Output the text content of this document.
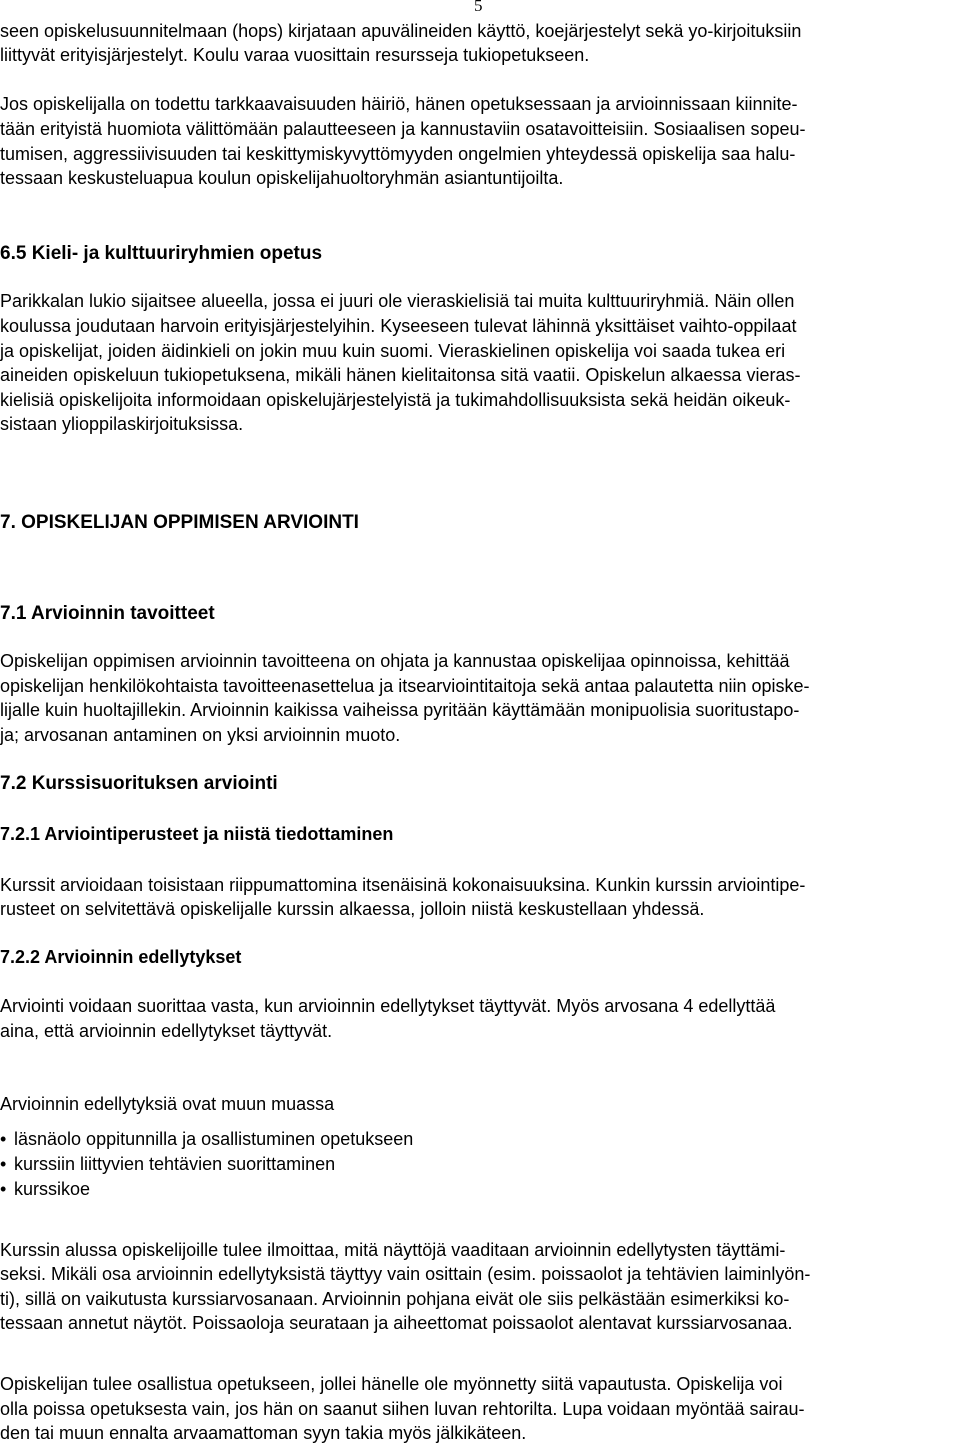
5
seen opiskelusuunnitelmaan (hops) kirjataan apuvälineiden käyttö, koejärjestelyt sekä yo-kirjoituksiin
liittyvät erityisjärjestelyt. Koulu varaa vuosittain resursseja tukiopetukseen.
Jos opiskelijalla on todettu tarkkaavaisuuden häiriö, hänen opetuksessaan ja arvioinnissaan kiinnite-
tään erityistä huomiota välittömään palautteeseen ja kannustaviin osatavoitteisiin. Sosiaalisen sopeu-
tumisen, aggressiivisuuden tai keskittymiskyvyttömyyden ongelmien yhteydessä opiskelija saa halu-
tessaan keskusteluapua koulun opiskelijahuoltoryhmän asiantuntijoilta.
6.5 Kieli- ja kulttuuriryhmien opetus
Parikkalan lukio sijaitsee alueella, jossa ei juuri ole vieraskielisiä tai muita kulttuuriryhmiä. Näin ollen
koulussa joudutaan harvoin erityisjärjestelyihin. Kyseeseen tulevat lähinnä yksittäiset vaihto-oppilaat
ja opiskelijat, joiden äidinkieli on jokin muu kuin suomi. Vieraskielinen opiskelija voi saada tukea eri
aineiden opiskeluun tukiopetuksena, mikäli hänen kielitaitonsa sitä vaatii. Opiskelun alkaessa vieras-
kielisiä opiskelijoita informoidaan opiskelujärjestelyistä ja tukimahdollisuuksista sekä heidän oikeuk-
sistaan ylioppilaskirjoituksissa.
7. OPISKELIJAN OPPIMISEN ARVIOINTI
7.1 Arvioinnin tavoitteet
Opiskelijan oppimisen arvioinnin tavoitteena on ohjata ja kannustaa opiskelijaa opinnoissa, kehittää
opiskelijan henkilökohtaista tavoitteenasettelua ja itsearviointitaitoja sekä antaa palautetta niin opiske-
lijalle kuin huoltajillekin. Arvioinnin kaikissa vaiheissa pyritään käyttämään monipuolisia suoritustapo-
ja; arvosanan antaminen on yksi arvioinnin muoto.
7.2 Kurssisuorituksen arviointi
7.2.1 Arviointiperusteet ja niistä tiedottaminen
Kurssit arvioidaan toisistaan riippumattomina itsenäisinä kokonaisuuksina. Kunkin kurssin arviointipe-
rusteet on selvitettävä opiskelijalle kurssin alkaessa, jolloin niistä keskustellaan yhdessä.
7.2.2 Arvioinnin edellytykset
Arviointi voidaan suorittaa vasta, kun arvioinnin edellytykset täyttyvät. Myös arvosana 4 edellyttää
aina, että arvioinnin edellytykset täyttyvät.
Arvioinnin edellytyksiä ovat muun muassa
• läsnäolo oppitunnilla ja osallistuminen opetukseen
• kurssiin liittyvien tehtävien suorittaminen
• kurssikoe
Kurssin alussa opiskelijoille tulee ilmoittaa, mitä näyttöjä vaaditaan arvioinnin edellytysten täyttämi-
seksi. Mikäli osa arvioinnin edellytyksistä täyttyy vain osittain (esim. poissaolot ja tehtävien laiminlyön-
ti), sillä on vaikutusta kurssiarvosanaan. Arvioinnin pohjana eivät ole siis pelkästään esimerkiksi ko-
tessaan annetut näytöt. Poissaoloja seurataan ja aiheettomat poissaolot alentavat kurssiarvosanaa.
Opiskelijan tulee osallistua opetukseen, jollei hänelle ole myönnetty siitä vapautusta. Opiskelija voi
olla poissa opetuksesta vain, jos hän on saanut siihen luvan rehtorilta. Lupa voidaan myöntää sairau-
den tai muun ennalta arvaamattoman syyn takia myös jälkikäteen.
